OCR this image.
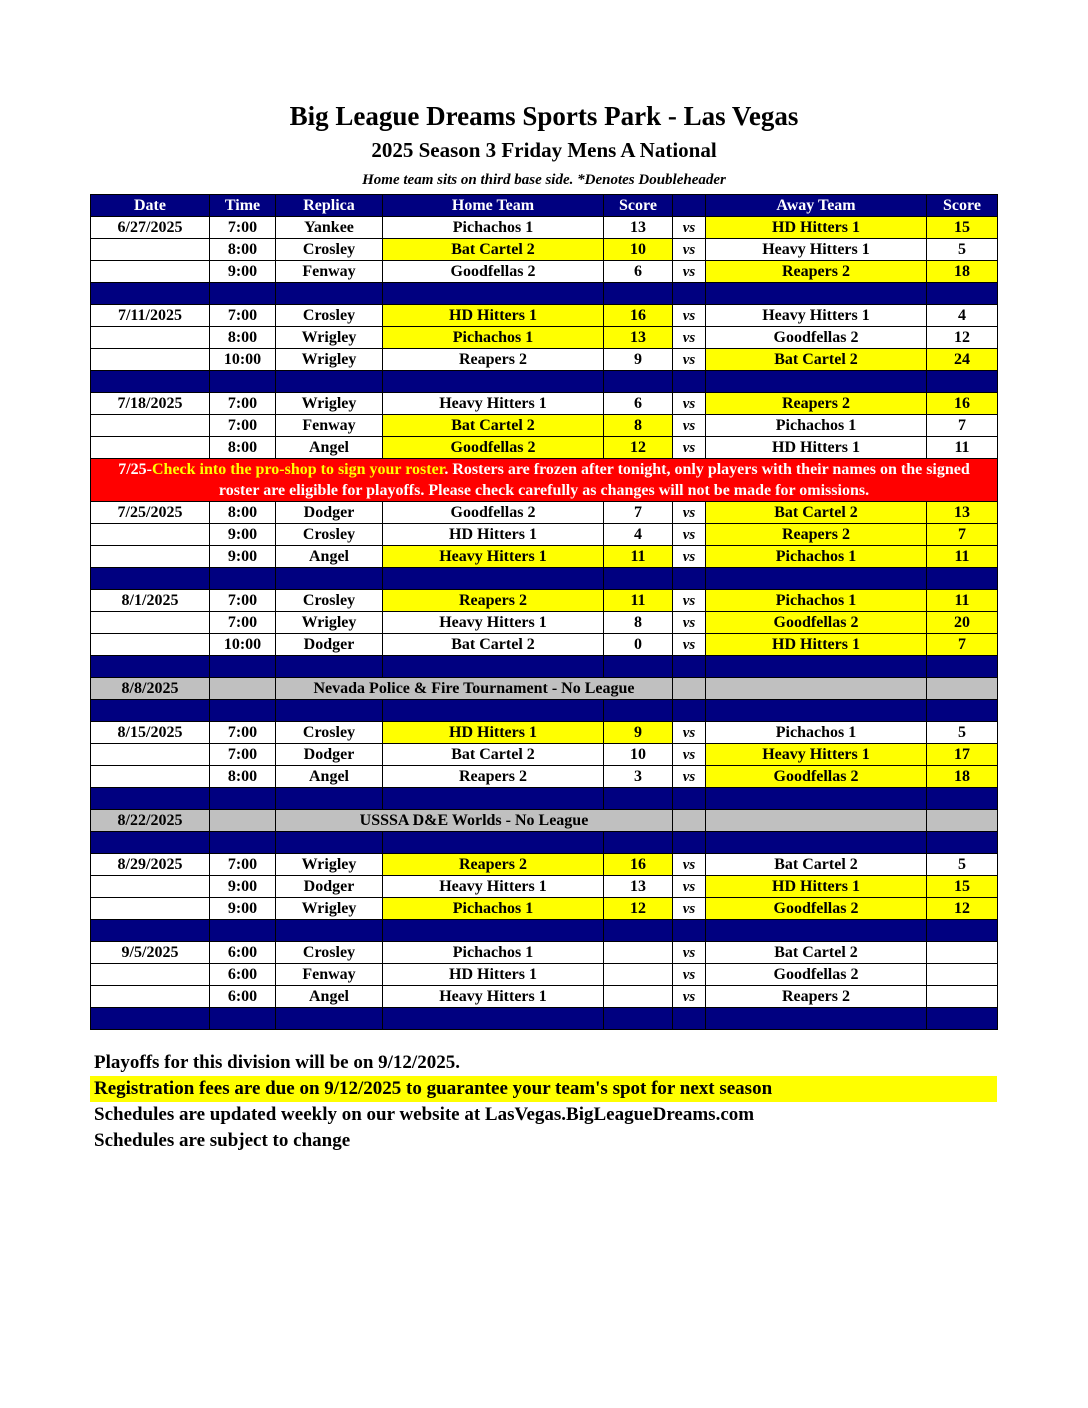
Big League Dreams Sports Park - Las Vegas
2025 Season 3 Friday Mens A National
Home team sits on third base side. *Denotes Doubleheader
Date	Time	Replica	Home Team	Score		Away Team	Score
6/27/2025	7:00	Yankee	Pichachos 1	13	vs	HD Hitters 1	15
	8:00	Crosley	Bat Cartel 2	10	vs	Heavy Hitters 1	5
	9:00	Fenway	Goodfellas 2	6	vs	Reapers 2	18

7/11/2025	7:00	Crosley	HD Hitters 1	16	vs	Heavy Hitters 1	4
	8:00	Wrigley	Pichachos 1	13	vs	Goodfellas 2	12
	10:00	Wrigley	Reapers 2	9	vs	Bat Cartel 2	24

7/18/2025	7:00	Wrigley	Heavy Hitters 1	6	vs	Reapers 2	16
	7:00	Fenway	Bat Cartel 2	8	vs	Pichachos 1	7
	8:00	Angel	Goodfellas 2	12	vs	HD Hitters 1	11
7/25-Check into the pro-shop to sign your roster. Rosters are frozen after tonight, only players with their names on the signed roster are eligible for playoffs. Please check carefully as changes will not be made for omissions.							
7/25/2025	8:00	Dodger	Goodfellas 2	7	vs	Bat Cartel 2	13
	9:00	Crosley	HD Hitters 1	4	vs	Reapers 2	7
	9:00	Angel	Heavy Hitters 1	11	vs	Pichachos 1	11

8/1/2025	7:00	Crosley	Reapers 2	11	vs	Pichachos 1	11
	7:00	Wrigley	Heavy Hitters 1	8	vs	Goodfellas 2	20
	10:00	Dodger	Bat Cartel 2	0	vs	HD Hitters 1	7

8/8/2025		Nevada Police & Fire Tournament - No League					

8/15/2025	7:00	Crosley	HD Hitters 1	9	vs	Pichachos 1	5
	7:00	Dodger	Bat Cartel 2	10	vs	Heavy Hitters 1	17
	8:00	Angel	Reapers 2	3	vs	Goodfellas 2	18

8/22/2025		USSSA D&E Worlds - No League					

8/29/2025	7:00	Wrigley	Reapers 2	16	vs	Bat Cartel 2	5
	9:00	Dodger	Heavy Hitters 1	13	vs	HD Hitters 1	15
	9:00	Wrigley	Pichachos 1	12	vs	Goodfellas 2	12

9/5/2025	6:00	Crosley	Pichachos 1		vs	Bat Cartel 2	
	6:00	Fenway	HD Hitters 1		vs	Goodfellas 2	
	6:00	Angel	Heavy Hitters 1		vs	Reapers 2	

Playoffs for this division will be on 9/12/2025.
Registration fees are due on 9/12/2025 to guarantee your team's spot for next season
Schedules are updated weekly on our website at LasVegas.BigLeagueDreams.com
Schedules are subject to change
